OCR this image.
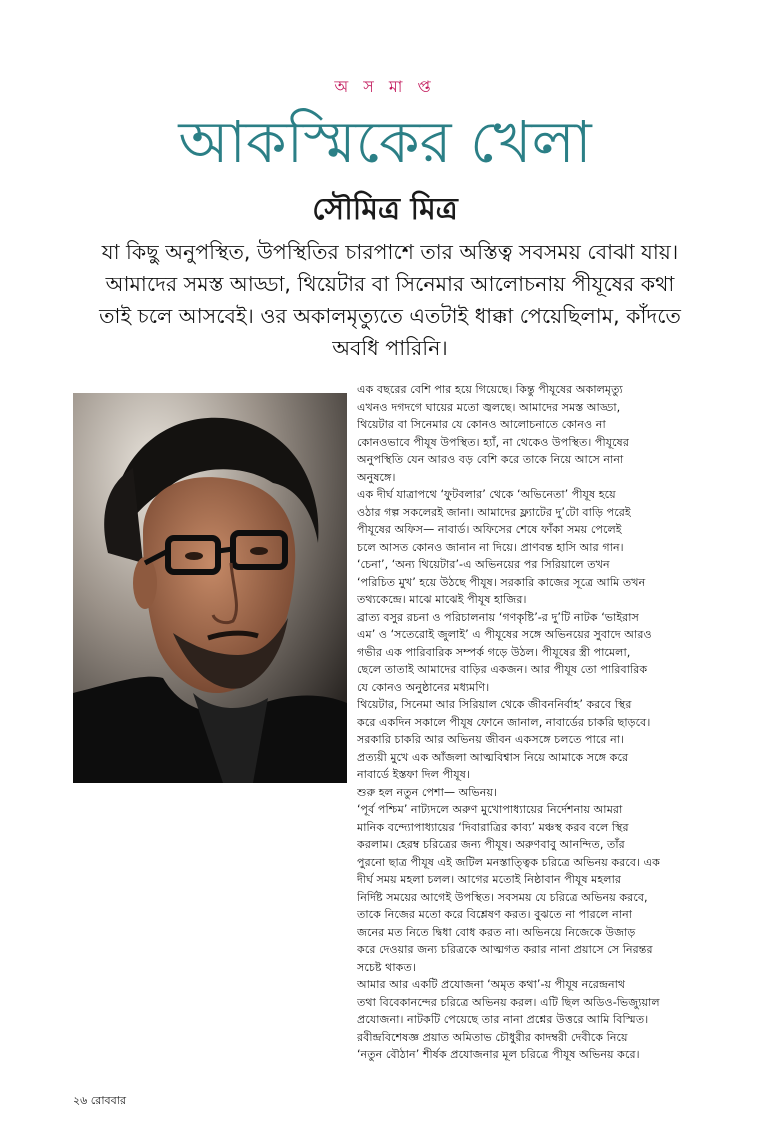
অ স মা প্ত
আকস্মিকের খেলা
সৌমিত্র মিত্র
যা কিছু অনুপস্থিত, উপস্থিতির চারপাশে তার অস্তিত্ব সবসময় বোঝা যায়।
আমাদের সমস্ত আড্ডা, থিয়েটার বা সিনেমার আলোচনায় পীযূষের কথা
তাই চলে আসবেই। ওর অকালমৃত্যুতে এতটাই ধাক্কা পেয়েছিলাম, কাঁদতে
অবধি পারিনি।
এক বছরের বেশি পার হয়ে গিয়েছে। কিন্তু পীযূষের অকালমৃত্যু
এখনও দগদগে ঘায়ের মতো জ্বলছে। আমাদের সমস্ত আড্ডা,
থিয়েটার বা সিনেমার যে কোনও আলোচনাতে কোনও না
কোনওভাবে পীযূষ উপস্থিত। হ্যাঁ, না থেকেও উপস্থিত। পীযূষের
অনুপস্থিতি যেন আরও বড় বেশি করে তাকে নিয়ে আসে নানা
অনুষঙ্গে।
এক দীর্ঘ যাত্রাপথে ‘ফুটবলার’ থেকে ‘অভিনেতা’ পীযূষ হয়ে
ওঠার গল্প সকলেরই জানা। আমাদের ফ্ল্যাটের দু’টো বাড়ি পরেই
পীযূষের অফিস— নাবার্ড। অফিসের শেষে ফাঁকা সময় পেলেই
চলে আসত কোনও জানান না দিয়ে। প্রাণবন্ত হাসি আর গান।
‘চেনা’, ‘অন্য থিয়েটার’-এ অভিনয়ের পর সিরিয়ালে তখন
‘পরিচিত মুখ’ হয়ে উঠছে পীযূষ। সরকারি কাজের সূত্রে আমি তখন
তথ্যকেন্দ্রে। মাঝে মাঝেই পীযূষ হাজির।
ব্রাত্য বসুর রচনা ও পরিচালনায় ‘গণকৃষ্টি’-র দু’টি নাটক ‘ভাইরাস
এম’ ও ‘সতেরোই জুলাই’ এ পীযূষের সঙ্গে অভিনয়ের সুবাদে আরও
গভীর এক পারিবারিক সম্পর্ক গড়ে উঠল। পীযূষের স্ত্রী পামেলা,
ছেলে তাতাই আমাদের বাড়ির একজন। আর পীযূষ তো পারিবারিক
যে কোনও অনুষ্ঠানের মধ্যমণি।
থিয়েটার, সিনেমা আর সিরিয়াল থেকে জীবননির্বাহ’ করবে স্থির
করে একদিন সকালে পীযূষ ফোনে জানাল, নাবার্ডের চাকরি ছাড়বে।
সরকারি চাকরি আর অভিনয় জীবন একসঙ্গে চলতে পারে না।
প্রত্যয়ী মুখে এক আঁজলা আত্মবিশ্বাস নিয়ে আমাকে সঙ্গে করে
নাবার্ডে ইস্তফা দিল পীযূষ।
শুরু হল নতুন পেশা— অভিনয়।
‘পূর্ব পশ্চিম’ নাট্যদলে অরুণ মুখোপাধ্যায়ের নির্দেশনায় আমরা
মানিক বন্দ্যোপাধ্যায়ের ‘দিবারাত্রির কাব্য’ মঞ্চস্থ করব বলে স্থির
করলাম। হেরম্ব চরিত্রের জন্য পীযূষ। অরুণবাবু আনন্দিত, তাঁর
পুরনো ছাত্র পীযূষ এই জটিল মনস্তাত্ত্বিক চরিত্রে অভিনয় করবে। এক
দীর্ঘ সময় মহলা চলল। আগের মতোই নিষ্ঠাবান পীযূষ মহলার
নির্দিষ্ট সময়ের আগেই উপস্থিত। সবসময় যে চরিত্রে অভিনয় করবে,
তাকে নিজের মতো করে বিশ্লেষণ করত। বুঝতে না পারলে নানা
জনের মত নিতে দ্বিধা বোধ করত না। অভিনয়ে নিজেকে উজাড়
করে দেওয়ার জন্য চরিত্রকে আত্মগত করার নানা প্রয়াসে সে নিরন্তর
সচেষ্ট থাকত।
আমার আর একটি প্রযোজনা ‘অমৃত কথা’-য় পীযূষ নরেন্দ্রনাথ
তথা বিবেকানন্দের চরিত্রে অভিনয় করল। এটি ছিল অডিও-ভিজ্যুয়াল
প্রযোজনা। নাটকটি পেয়েছে তার নানা প্রশ্নের উত্তরে আমি বিস্মিত।
রবীন্দ্রবিশেষজ্ঞ প্রয়াত অমিতাভ চৌধুরীর কাদম্বরী দেবীকে নিয়ে
‘নতুন বৌঠান’ শীর্ষক প্রযোজনার মূল চরিত্রে পীযূষ অভিনয় করে।
২৬ রোববার
